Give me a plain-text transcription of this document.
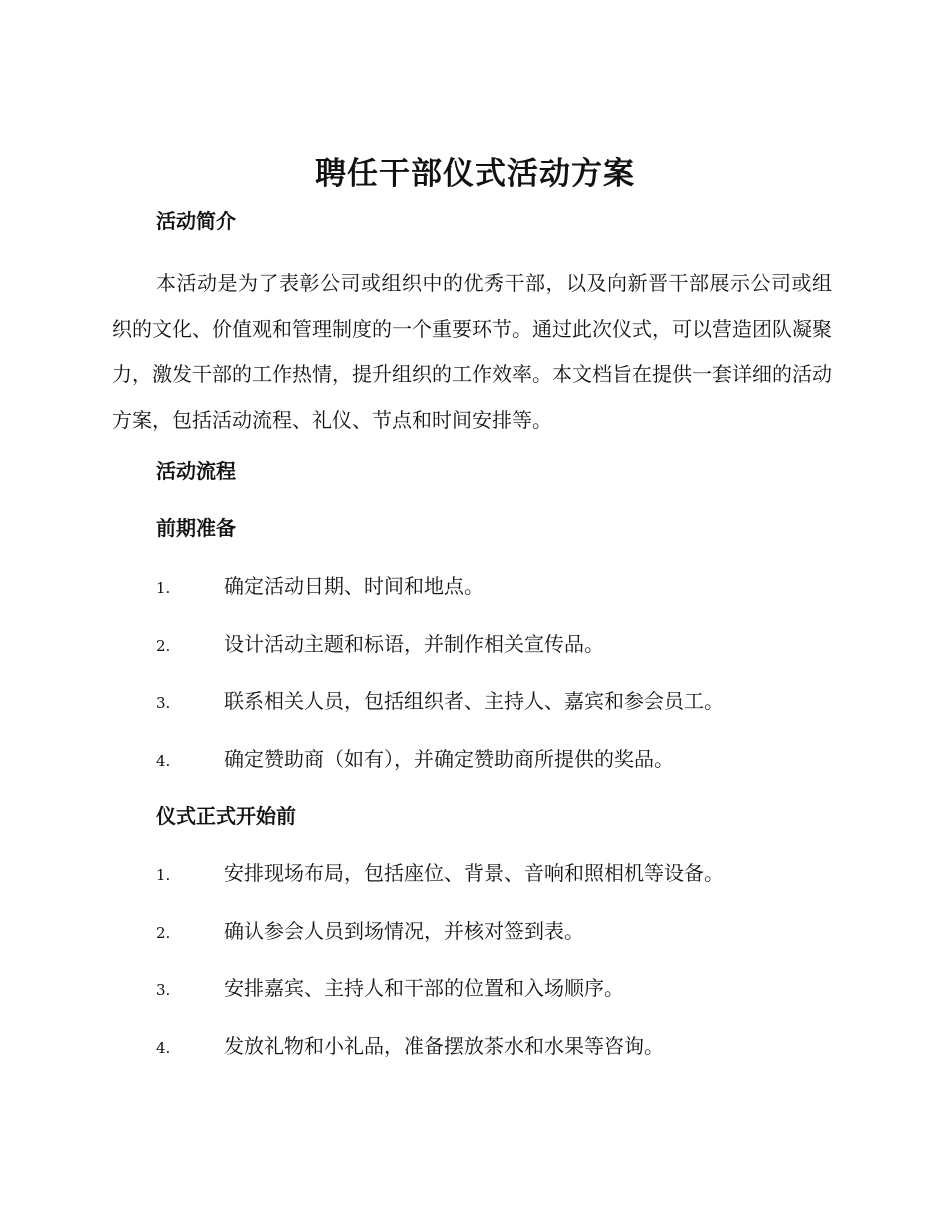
聘任干部仪式活动方案
活动简介

本活动是为了表彰公司或组织中的优秀干部，以及向新晋干部展示公司或组织的文化、价值观和管理制度的一个重要环节。通过此次仪式，可以营造团队凝聚力，激发干部的工作热情，提升组织的工作效率。本文档旨在提供一套详细的活动方案，包括活动流程、礼仪、节点和时间安排等。

活动流程
前期准备
1.	确定活动日期、时间和地点。
2.	设计活动主题和标语，并制作相关宣传品。
3.	联系相关人员，包括组织者、主持人、嘉宾和参会员工。
4.	确定赞助商（如有），并确定赞助商所提供的奖品。
仪式正式开始前
1.	安排现场布局，包括座位、背景、音响和照相机等设备。
2.	确认参会人员到场情况，并核对签到表。
3.	安排嘉宾、主持人和干部的位置和入场顺序。
4.	发放礼物和小礼品，准备摆放茶水和水果等咨询。
